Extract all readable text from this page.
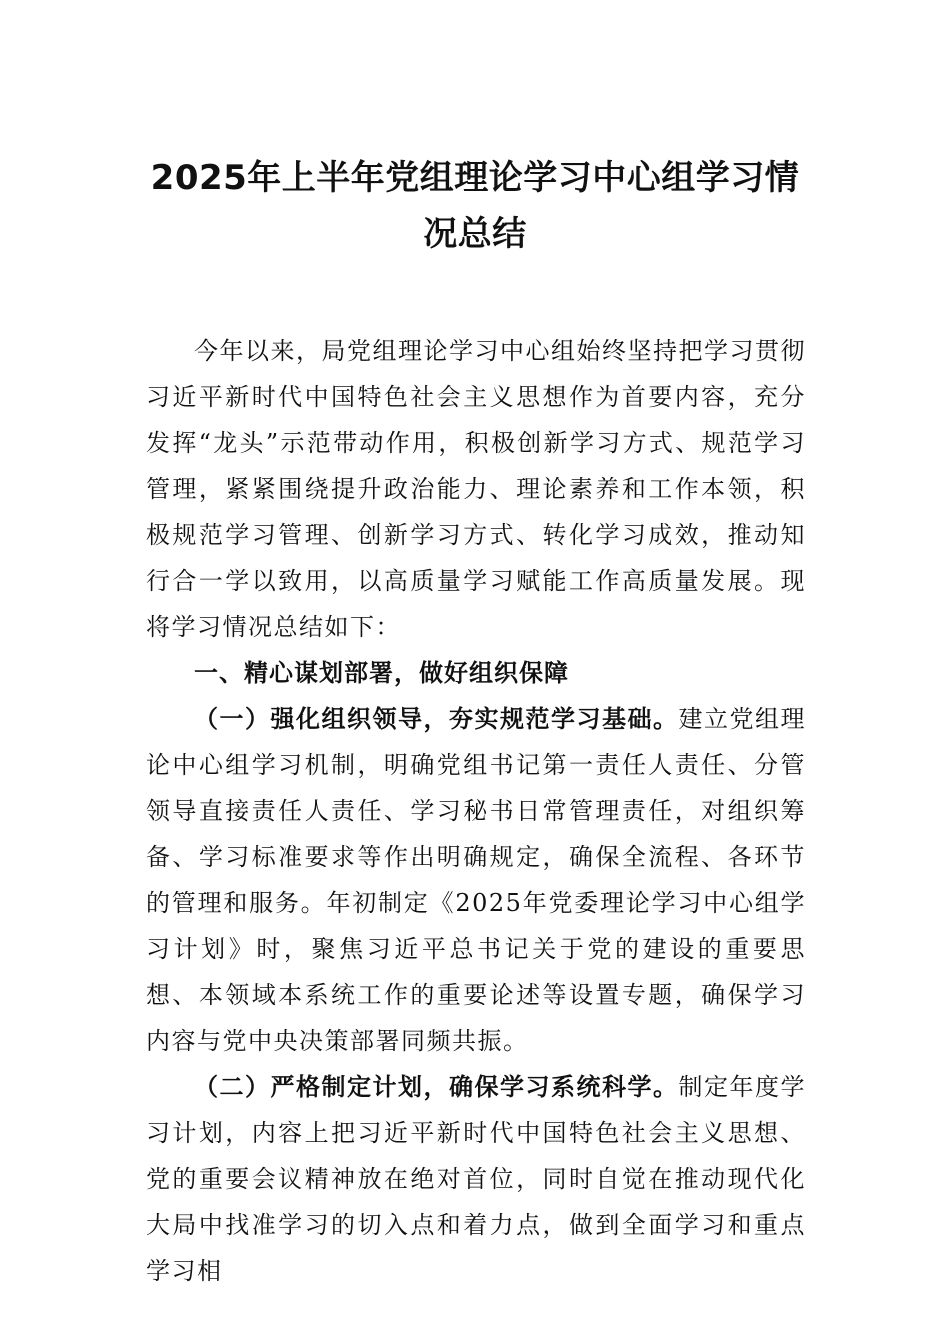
2025年上半年党组理论学习中心组学习情
况总结

今年以来，局党组理论学习中心组始终坚持把学习贯彻习近平新时代中国特色社会主义思想作为首要内容，充分发挥“龙头”示范带动作用，积极创新学习方式、规范学习管理，紧紧围绕提升政治能力、理论素养和工作本领，积极规范学习管理、创新学习方式、转化学习成效，推动知行合一学以致用，以高质量学习赋能工作高质量发展。现将学习情况总结如下：

一、精心谋划部署，做好组织保障

（一）强化组织领导，夯实规范学习基础。建立党组理论中心组学习机制，明确党组书记第一责任人责任、分管领导直接责任人责任、学习秘书日常管理责任，对组织筹备、学习标准要求等作出明确规定，确保全流程、各环节的管理和服务。年初制定《2025年党委理论学习中心组学习计划》时，聚焦习近平总书记关于党的建设的重要思想、本领域本系统工作的重要论述等设置专题，确保学习内容与党中央决策部署同频共振。

（二）严格制定计划，确保学习系统科学。制定年度学习计划，内容上把习近平新时代中国特色社会主义思想、党的重要会议精神放在绝对首位，同时自觉在推动现代化大局中找准学习的切入点和着力点，做到全面学习和重点学习相
